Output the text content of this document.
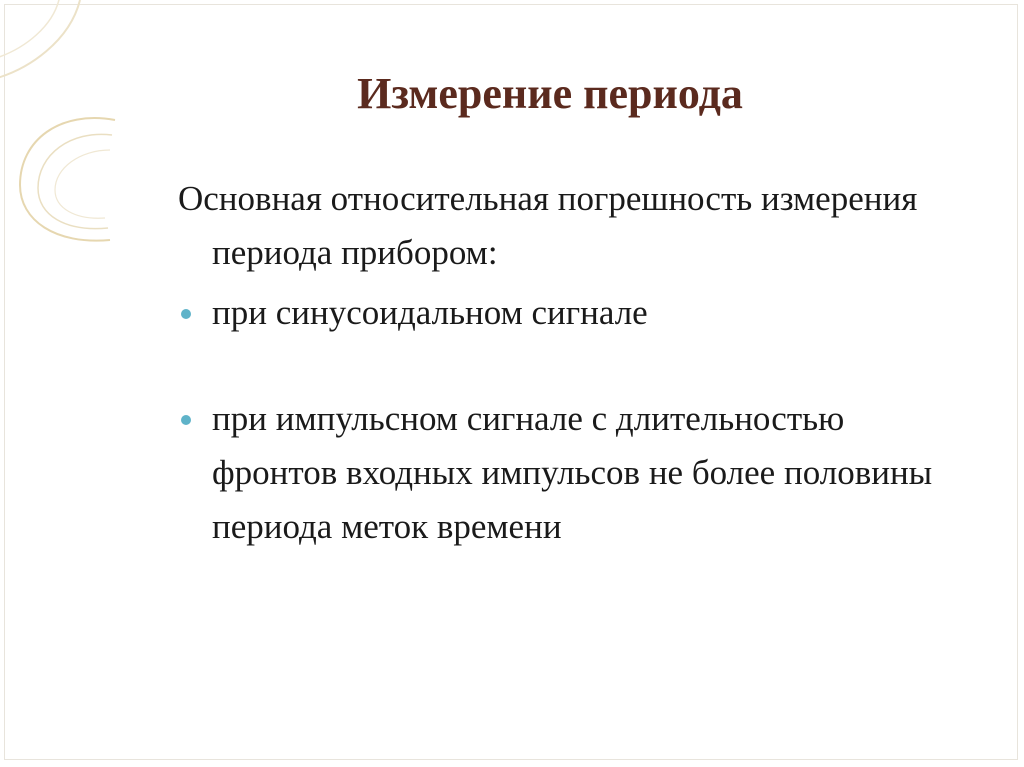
Измерение периода

Основная относительная погрешность измерения периода прибором:

при синусоидальном сигнале

при импульсном сигнале с длительностью фронтов входных импульсов не более половины периода меток времени
